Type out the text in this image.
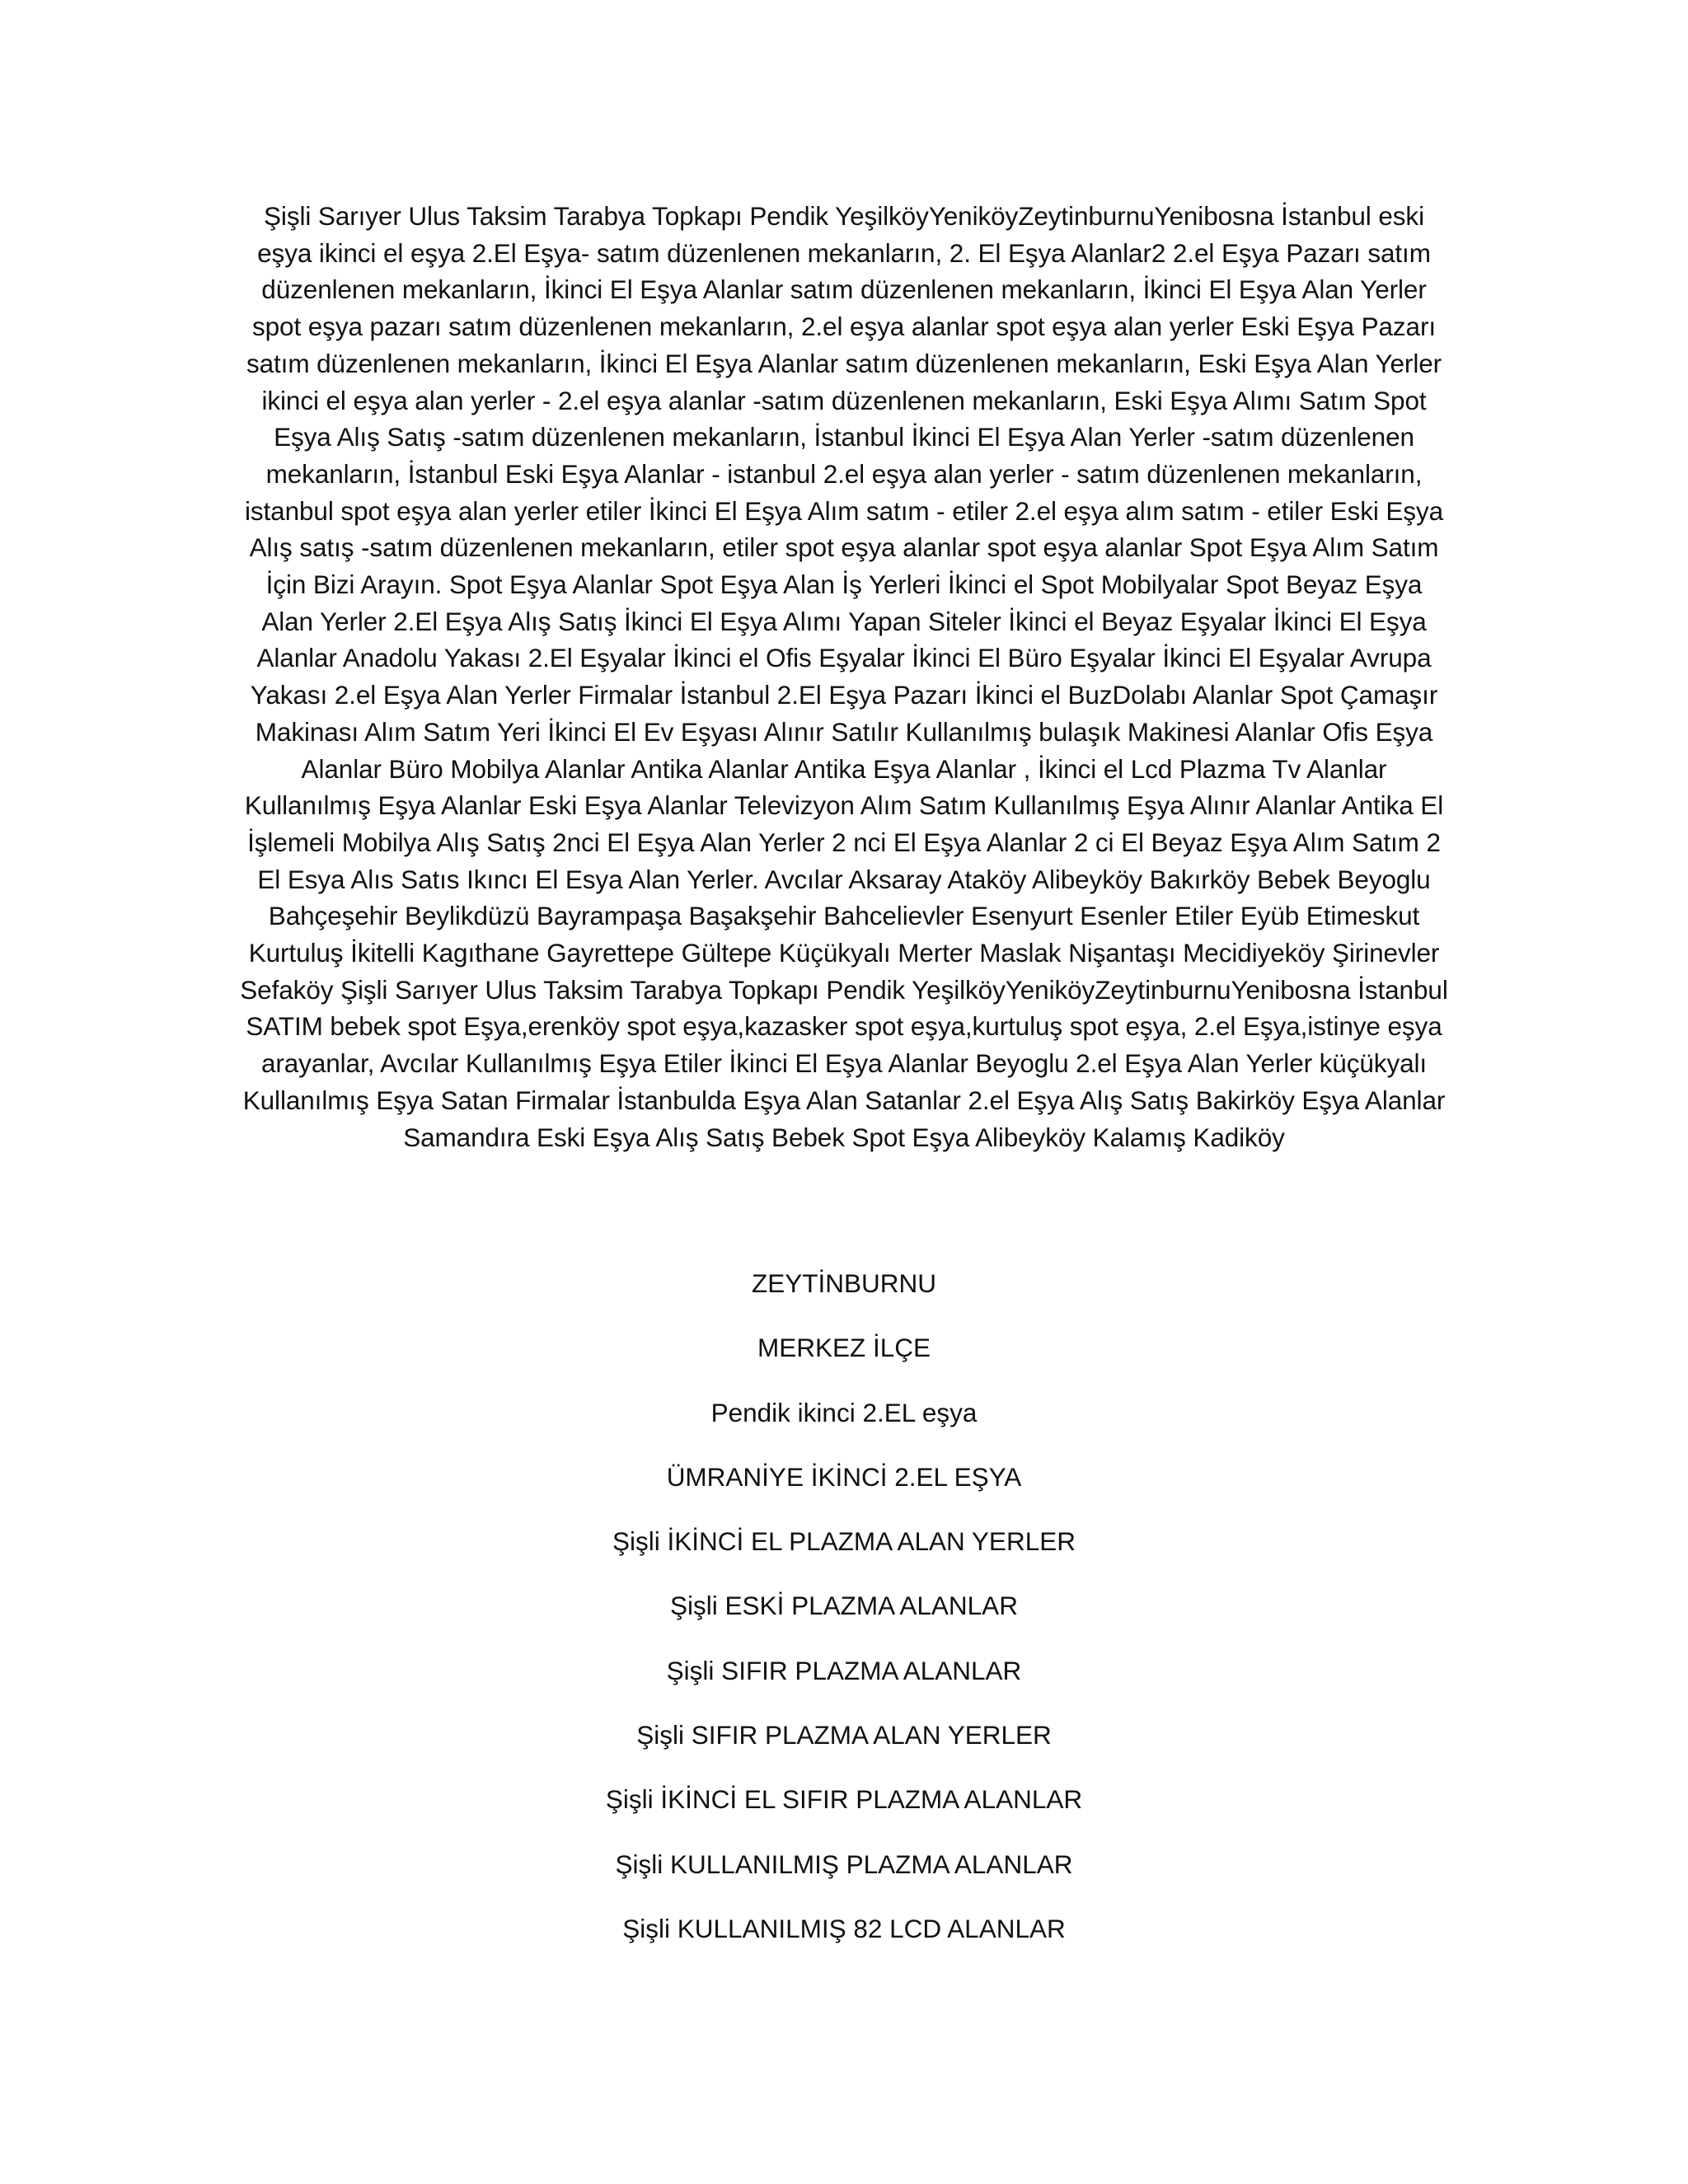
Şişli Sarıyer Ulus Taksim Tarabya Topkapı Pendik YeşilköyYeniköyZeytinburnuYenibosna İstanbul eski eşya ikinci el eşya 2.El Eşya- satım düzenlenen mekanların, 2. El Eşya Alanlar2 2.el Eşya Pazarı satım düzenlenen mekanların, İkinci El Eşya Alanlar satım düzenlenen mekanların, İkinci El Eşya Alan Yerler spot eşya pazarı satım düzenlenen mekanların, 2.el eşya alanlar spot eşya alan yerler Eski Eşya Pazarı satım düzenlenen mekanların, İkinci El Eşya Alanlar satım düzenlenen mekanların, Eski Eşya Alan Yerler ikinci el eşya alan yerler - 2.el eşya alanlar -satım düzenlenen mekanların, Eski Eşya Alımı Satım Spot Eşya Alış Satış -satım düzenlenen mekanların, İstanbul İkinci El Eşya Alan Yerler -satım düzenlenen mekanların, İstanbul Eski Eşya Alanlar - istanbul 2.el eşya alan yerler - satım düzenlenen mekanların, istanbul spot eşya alan yerler etiler İkinci El Eşya Alım satım - etiler 2.el eşya alım satım - etiler Eski Eşya Alış satış -satım düzenlenen mekanların, etiler spot eşya alanlar spot eşya alanlar Spot Eşya Alım Satım İçin Bizi Arayın. Spot Eşya Alanlar Spot Eşya Alan İş Yerleri İkinci el Spot Mobilyalar Spot Beyaz Eşya Alan Yerler 2.El Eşya Alış Satış İkinci El Eşya Alımı Yapan Siteler İkinci el Beyaz Eşyalar İkinci El Eşya Alanlar Anadolu Yakası 2.El Eşyalar İkinci el Ofis Eşyalar İkinci El Büro Eşyalar İkinci El Eşyalar Avrupa Yakası 2.el Eşya Alan Yerler Firmalar İstanbul 2.El Eşya Pazarı İkinci el BuzDolabı Alanlar Spot Çamaşır Makinası Alım Satım Yeri İkinci El Ev Eşyası Alınır Satılır Kullanılmış bulaşık Makinesi Alanlar Ofis Eşya Alanlar Büro Mobilya Alanlar Antika Alanlar Antika Eşya Alanlar , İkinci el Lcd Plazma Tv Alanlar Kullanılmış Eşya Alanlar Eski Eşya Alanlar Televizyon Alım Satım Kullanılmış Eşya Alınır Alanlar Antika El İşlemeli Mobilya Alış Satış 2nci El Eşya Alan Yerler 2 nci El Eşya Alanlar 2 ci El Beyaz Eşya Alım Satım 2 El Esya Alıs Satıs Ikıncı El Esya Alan Yerler. Avcılar Aksaray Ataköy Alibeyköy Bakırköy Bebek Beyoglu Bahçeşehir Beylikdüzü Bayrampaşa Başakşehir Bahcelievler Esenyurt Esenler Etiler Eyüb Etimeskut Kurtuluş İkitelli Kagıthane Gayrettepe Gültepe Küçükyalı Merter Maslak Nişantaşı Mecidiyeköy Şirinevler Sefaköy Şişli Sarıyer Ulus Taksim Tarabya Topkapı Pendik YeşilköyYeniköyZeytinburnuYenibosna İstanbul SATIM bebek spot Eşya,erenköy spot eşya,kazasker spot eşya,kurtuluş spot eşya, 2.el Eşya,istinye eşya arayanlar, Avcılar Kullanılmış Eşya Etiler İkinci El Eşya Alanlar Beyoglu 2.el Eşya Alan Yerler küçükyalı Kullanılmış Eşya Satan Firmalar İstanbulda Eşya Alan Satanlar 2.el Eşya Alış Satış Bakirköy Eşya Alanlar Samandıra Eski Eşya Alış Satış Bebek Spot Eşya Alibeyköy Kalamış Kadiköy

ZEYTİNBURNU
MERKEZ İLÇE
Pendik ikinci 2.EL eşya
ÜMRANİYE İKİNCİ 2.EL EŞYA
Şişli İKİNCİ EL PLAZMA ALAN YERLER
Şişli ESKİ PLAZMA ALANLAR
Şişli SIFIR PLAZMA ALANLAR
Şişli SIFIR PLAZMA ALAN YERLER
Şişli İKİNCİ EL SIFIR PLAZMA ALANLAR
Şişli KULLANILMIŞ PLAZMA ALANLAR
Şişli KULLANILMIŞ 82 LCD ALANLAR
